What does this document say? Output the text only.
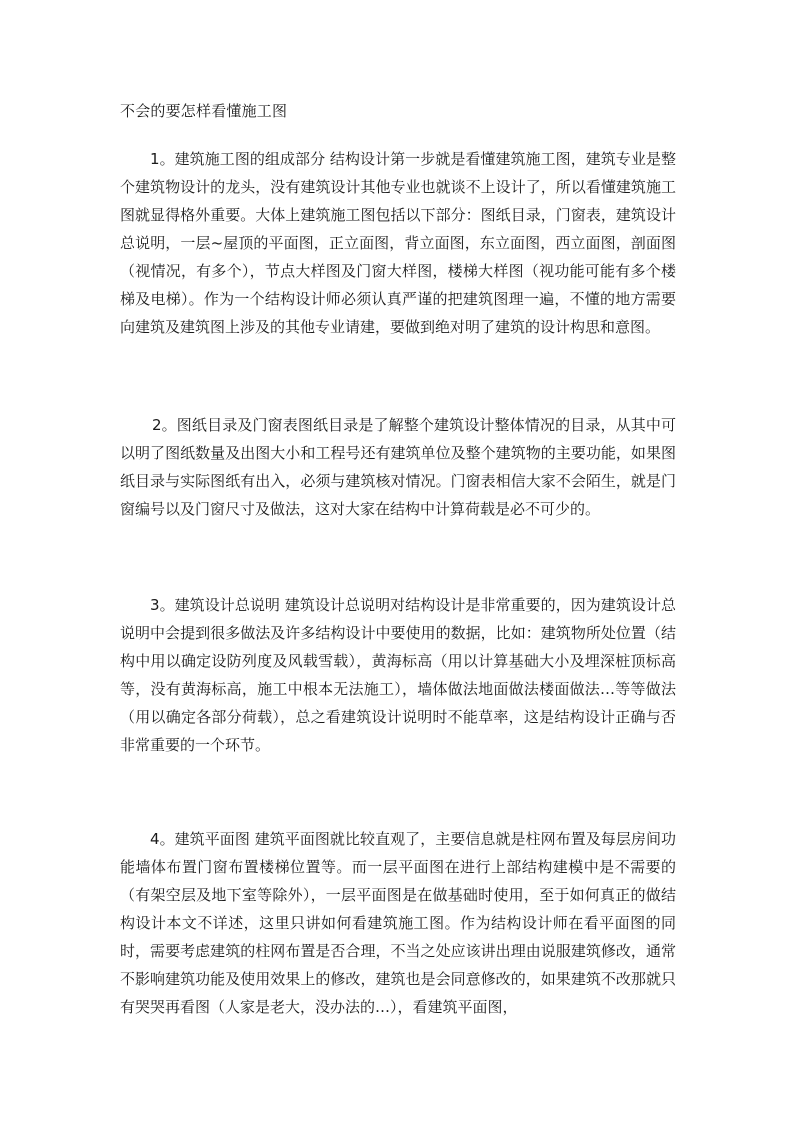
不会的要怎样看懂施工图

1。建筑施工图的组成部分 结构设计第一步就是看懂建筑施工图，建筑专业是整个建筑物设计的龙头，没有建筑设计其他专业也就谈不上设计了，所以看懂建筑施工图就显得格外重要。大体上建筑施工图包括以下部分：图纸目录，门窗表，建筑设计总说明，一层~屋顶的平面图，正立面图，背立面图，东立面图，西立面图，剖面图（视情况，有多个），节点大样图及门窗大样图，楼梯大样图（视功能可能有多个楼梯及电梯）。作为一个结构设计师必须认真严谨的把建筑图理一遍，不懂的地方需要向建筑及建筑图上涉及的其他专业请建，要做到绝对明了建筑的设计构思和意图。

2。图纸目录及门窗表图纸目录是了解整个建筑设计整体情况的目录，从其中可以明了图纸数量及出图大小和工程号还有建筑单位及整个建筑物的主要功能，如果图纸目录与实际图纸有出入，必须与建筑核对情况。门窗表相信大家不会陌生，就是门窗编号以及门窗尺寸及做法，这对大家在结构中计算荷载是必不可少的。

3。建筑设计总说明 建筑设计总说明对结构设计是非常重要的，因为建筑设计总说明中会提到很多做法及许多结构设计中要使用的数据，比如：建筑物所处位置（结构中用以确定设防列度及风载雪载），黄海标高（用以计算基础大小及埋深桩顶标高等，没有黄海标高，施工中根本无法施工），墙体做法地面做法楼面做法…等等做法（用以确定各部分荷载），总之看建筑设计说明时不能草率，这是结构设计正确与否非常重要的一个环节。

4。建筑平面图 建筑平面图就比较直观了，主要信息就是柱网布置及每层房间功能墙体布置门窗布置楼梯位置等。而一层平面图在进行上部结构建模中是不需要的（有架空层及地下室等除外），一层平面图是在做基础时使用，至于如何真正的做结构设计本文不详述，这里只讲如何看建筑施工图。作为结构设计师在看平面图的同时，需要考虑建筑的柱网布置是否合理，不当之处应该讲出理由说服建筑修改，通常不影响建筑功能及使用效果上的修改，建筑也是会同意修改的，如果建筑不改那就只有哭哭再看图（人家是老大，没办法的…），看建筑平面图，
